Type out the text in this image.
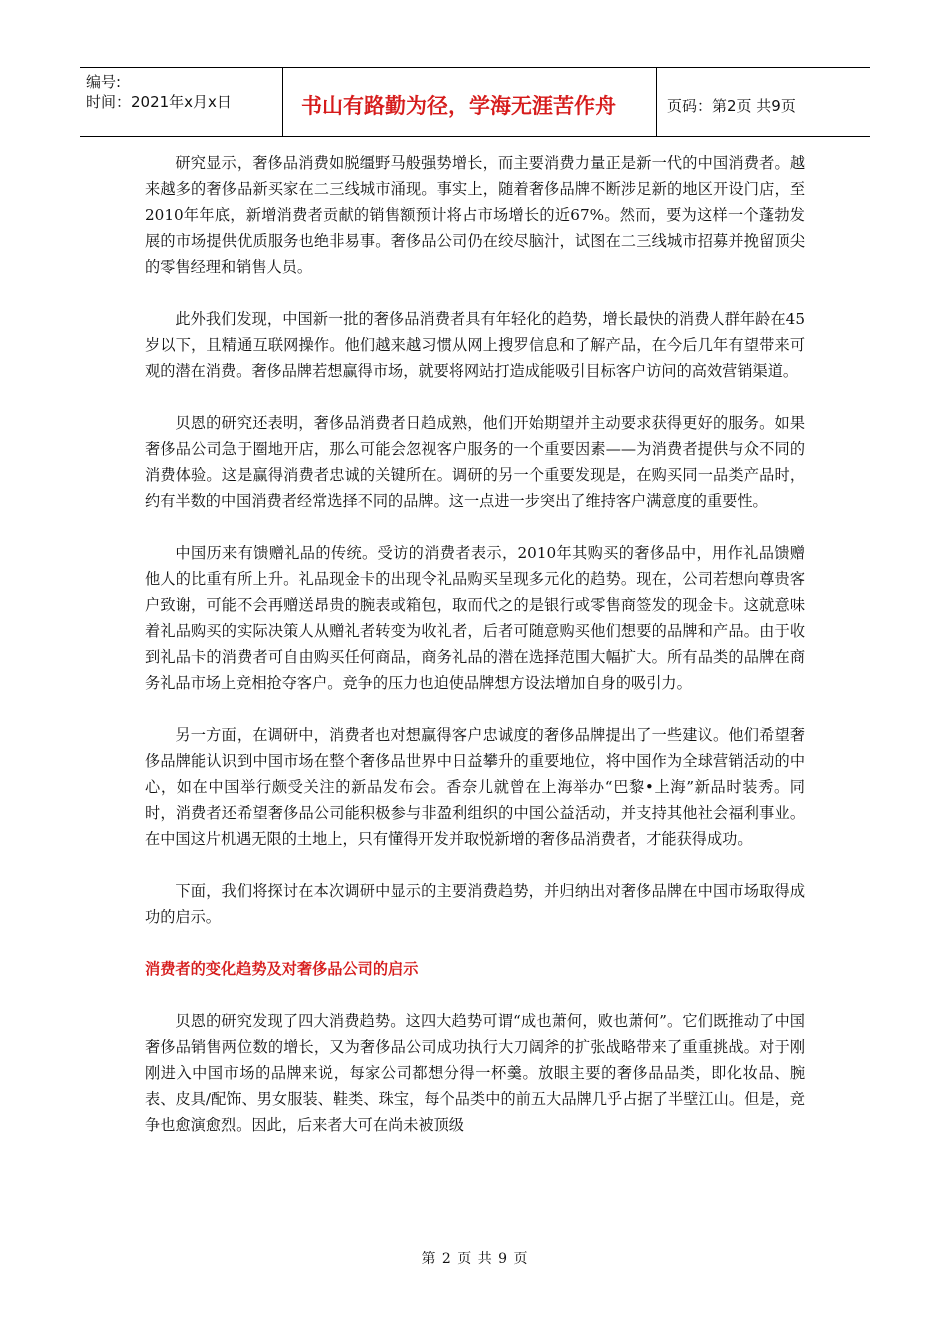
编号:
时间：2021年x月x日	书山有路勤为径，学海无涯苦作舟	页码：第2页 共9页

研究显示，奢侈品消费如脱缰野马般强势增长，而主要消费力量正是新一代的中国消费者。越来越多的奢侈品新买家在二三线城市涌现。事实上，随着奢侈品牌不断涉足新的地区开设门店，至2010年年底，新增消费者贡献的销售额预计将占市场增长的近67%。然而，要为这样一个蓬勃发展的市场提供优质服务也绝非易事。奢侈品公司仍在绞尽脑汁，试图在二三线城市招募并挽留顶尖的零售经理和销售人员。

此外我们发现，中国新一批的奢侈品消费者具有年轻化的趋势，增长最快的消费人群年龄在45岁以下，且精通互联网操作。他们越来越习惯从网上搜罗信息和了解产品，在今后几年有望带来可观的潜在消费。奢侈品牌若想赢得市场，就要将网站打造成能吸引目标客户访问的高效营销渠道。

贝恩的研究还表明，奢侈品消费者日趋成熟，他们开始期望并主动要求获得更好的服务。如果奢侈品公司急于圈地开店，那么可能会忽视客户服务的一个重要因素——为消费者提供与众不同的消费体验。这是赢得消费者忠诚的关键所在。调研的另一个重要发现是，在购买同一品类产品时，约有半数的中国消费者经常选择不同的品牌。这一点进一步突出了维持客户满意度的重要性。

中国历来有馈赠礼品的传统。受访的消费者表示，2010年其购买的奢侈品中，用作礼品馈赠他人的比重有所上升。礼品现金卡的出现令礼品购买呈现多元化的趋势。现在，公司若想向尊贵客户致谢，可能不会再赠送昂贵的腕表或箱包，取而代之的是银行或零售商签发的现金卡。这就意味着礼品购买的实际决策人从赠礼者转变为收礼者，后者可随意购买他们想要的品牌和产品。由于收到礼品卡的消费者可自由购买任何商品，商务礼品的潜在选择范围大幅扩大。所有品类的品牌在商务礼品市场上竞相抢夺客户。竞争的压力也迫使品牌想方设法增加自身的吸引力。

另一方面，在调研中，消费者也对想赢得客户忠诚度的奢侈品牌提出了一些建议。他们希望奢侈品牌能认识到中国市场在整个奢侈品世界中日益攀升的重要地位，将中国作为全球营销活动的中心，如在中国举行颇受关注的新品发布会。香奈儿就曾在上海举办“巴黎•上海”新品时装秀。同时，消费者还希望奢侈品公司能积极参与非盈利组织的中国公益活动，并支持其他社会福利事业。在中国这片机遇无限的土地上，只有懂得开发并取悦新增的奢侈品消费者，才能获得成功。

下面，我们将探讨在本次调研中显示的主要消费趋势，并归纳出对奢侈品牌在中国市场取得成功的启示。

消费者的变化趋势及对奢侈品公司的启示

贝恩的研究发现了四大消费趋势。这四大趋势可谓“成也萧何，败也萧何”。它们既推动了中国奢侈品销售两位数的增长，又为奢侈品公司成功执行大刀阔斧的扩张战略带来了重重挑战。对于刚刚进入中国市场的品牌来说，每家公司都想分得一杯羹。放眼主要的奢侈品品类，即化妆品、腕表、皮具/配饰、男女服装、鞋类、珠宝，每个品类中的前五大品牌几乎占据了半壁江山。但是，竞争也愈演愈烈。因此，后来者大可在尚未被顶级

第 2 页 共 9 页
